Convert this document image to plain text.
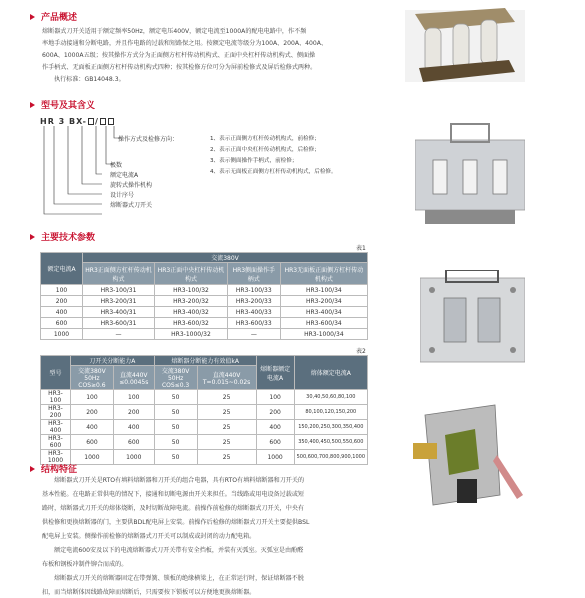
产品概述
熔断器式刀开关适用于额定频率50Hz，额定电压400V，额定电流至1000A的配电电路中，作不频
率地手动接通和分断电路，并且作电路的过载和短路保之用。按额定电流等级分为100A、200A、400A、
600A、1000A五级；按其操作方式分为正面侧方杠杆传动机构式、正面中央杠杆传动机构式、侧面操
作手柄式、无面板正面侧方杠杆传动机构式四种；按其检修方位可分为屏前检修式及屏后检修式两种。
执行标准：GB14048.3。
型号及其含义
HR 3 BX- /
操作方式及检修方向：
极数
额定电流A
旋转式操作机构
设计序号
熔断器式刀开关
1、表示正面侧方杠杆传动机构式，前检修；
2、表示正面中央杠杆传动机构式，后检修；
3、表示侧面操作手柄式，前检修；
4、表示无面板正面侧方杠杆传动机构式，后检修。
主要技术参数
表1
额定电流A	交流380V			
	HR3正面侧方杠杆传动机构式	HR3正面中央杠杆传动机构式	HR3侧面操作手柄式	HR3无面板正面侧方杠杆传动机构式
100	HR3-100/31	HR3-100/32	HR3-100/33	HR3-100/34
200	HR3-200/31	HR3-200/32	HR3-200/33	HR3-200/34
400	HR3-400/31	HR3-400/32	HR3-400/33	HR3-400/34
600	HR3-600/31	HR3-600/32	HR3-600/33	HR3-600/34
1000	—	HR3-1000/32	—	HR3-1000/34
表2
型号	刀开关分断能力A		熔断器分断能力有效值kA		熔断器额定电流A	熔体额定电流A
	交流380V 50Hz COS≥0.6	直流440V ≤0.0045s	交流380V 50Hz COS≤0.3	直流440V T=0.015~0.02s		
HR3-100	100	100	50	25	100	30,40,50,60,80,100
HR3-200	200	200	50	25	200	80,100,120,150,200
HR3-400	400	400	50	25	400	150,200,250,300,350,400
HR3-600	600	600	50	25	600	350,400,450,500,550,600
HR3-1000	1000	1000	50	25	1000	500,600,700,800,900,1000
结构特征
熔断器式刀开关是RTO有填料熔断器和刀开关的组合电器，具有RTO有填料熔断器和刀开关的
基本性能。在电路正常供电的情况下，接通和切断电源由开关来担任。当线路或用电设备过载或短
路时，熔断器式刀开关的熔体烧断，及时切断故障电流。前操作前检修的熔断器式刀开关，中央有
供检修和更换熔断器的门，主要供BDL配电屏上安装。前操作后检修的熔断器式刀开关主要提供BSL
配电屏上安装。侧操作前检修的熔断器式刀开关可以制成或封闭的动力配电箱。
额定电流600安及以下的电流熔断器式刀开关带有安全挡板，并装有灭弧室。灭弧室是由酚醛
布板和钢板冲制件铆合而成的。
熔断器式刀开关的熔断器固定在带弹簧、锁板的绝缘横梁上，在正常运行时，保证熔断器不脱
扣，而当熔断体因线路故障而熔断后，只需要按下锁板可以方便地更换熔断器。
